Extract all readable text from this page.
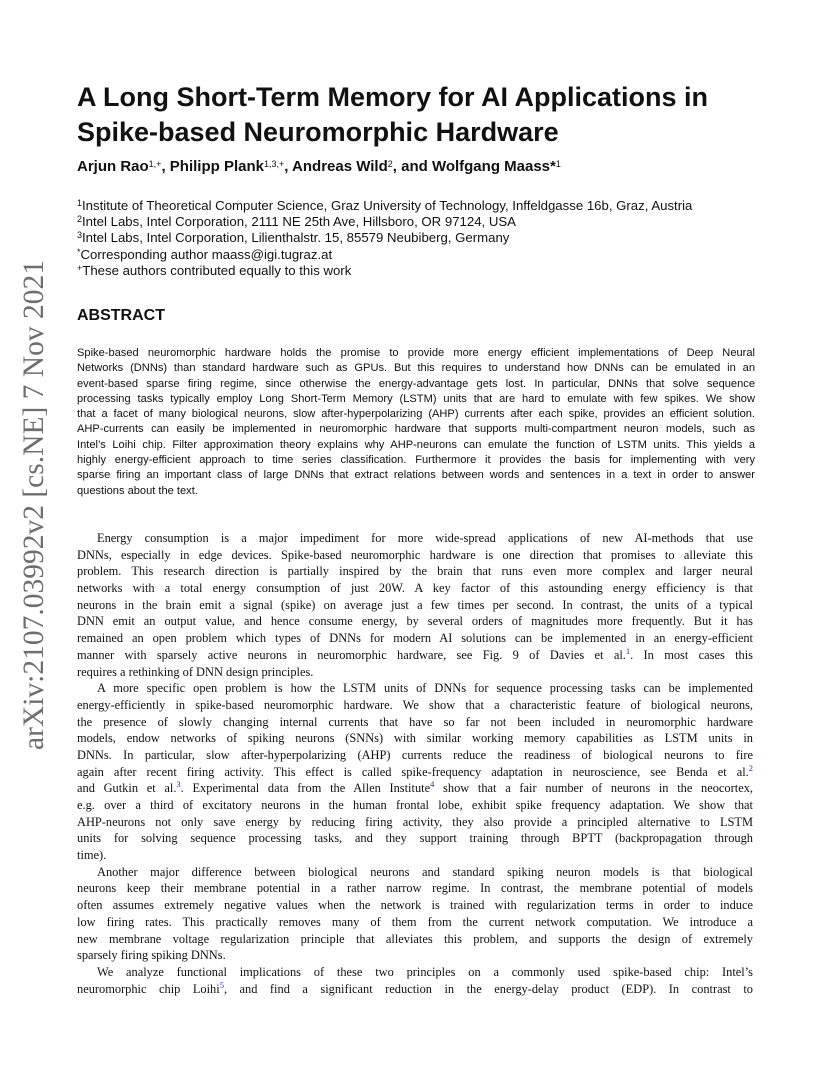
arXiv:2107.03992v2 [cs.NE] 7 Nov 2021
A Long Short-Term Memory for AI Applications in
Spike-based Neuromorphic Hardware
Arjun Rao$^{1,+}$, Philipp Plank$^{1,3,+}$, Andreas Wild$^2$, and Wolfgang Maass*$^1$
$^1$Institute of Theoretical Computer Science, Graz University of Technology, Inffeldgasse 16b, Graz, Austria
$^2$Intel Labs, Intel Corporation, 2111 NE 25th Ave, Hillsboro, OR 97124, USA
$^3$Intel Labs, Intel Corporation, Lilienthalstr. 15, 85579 Neubiberg, Germany
*Corresponding author maass@igi.tugraz.at
+These authors contributed equally to this work
ABSTRACT
Spike-based neuromorphic hardware holds the promise to provide more energy efficient implementations of Deep Neural
Networks (DNNs) than standard hardware such as GPUs. But this requires to understand how DNNs can be emulated in an
event-based sparse firing regime, since otherwise the energy-advantage gets lost. In particular, DNNs that solve sequence
processing tasks typically employ Long Short-Term Memory (LSTM) units that are hard to emulate with few spikes. We show
that a facet of many biological neurons, slow after-hyperpolarizing (AHP) currents after each spike, provides an efficient solution.
AHP-currents can easily be implemented in neuromorphic hardware that supports multi-compartment neuron models, such as
Intel’s Loihi chip. Filter approximation theory explains why AHP-neurons can emulate the function of LSTM units. This yields a
highly energy-efficient approach to time series classification. Furthermore it provides the basis for implementing with very
sparse firing an important class of large DNNs that extract relations between words and sentences in a text in order to answer
questions about the text.
Energy consumption is a major impediment for more wide-spread applications of new AI-methods that use
DNNs, especially in edge devices. Spike-based neuromorphic hardware is one direction that promises to alleviate this
problem. This research direction is partially inspired by the brain that runs even more complex and larger neural
networks with a total energy consumption of just 20W. A key factor of this astounding energy efficiency is that
neurons in the brain emit a signal (spike) on average just a few times per second. In contrast, the units of a typical
DNN emit an output value, and hence consume energy, by several orders of magnitudes more frequently. But it has
remained an open problem which types of DNNs for modern AI solutions can be implemented in an energy-efficient
manner with sparsely active neurons in neuromorphic hardware, see Fig. 9 of Davies et al.$^1$. In most cases this
requires a rethinking of DNN design principles.
A more specific open problem is how the LSTM units of DNNs for sequence processing tasks can be implemented
energy-efficiently in spike-based neuromorphic hardware. We show that a characteristic feature of biological neurons,
the presence of slowly changing internal currents that have so far not been included in neuromorphic hardware
models, endow networks of spiking neurons (SNNs) with similar working memory capabilities as LSTM units in
DNNs. In particular, slow after-hyperpolarizing (AHP) currents reduce the readiness of biological neurons to fire
again after recent firing activity. This effect is called spike-frequency adaptation in neuroscience, see Benda et al.$^2$
and Gutkin et al.$^3$. Experimental data from the Allen Institute$^4$ show that a fair number of neurons in the neocortex,
e.g. over a third of excitatory neurons in the human frontal lobe, exhibit spike frequency adaptation. We show that
AHP-neurons not only save energy by reducing firing activity, they also provide a principled alternative to LSTM
units for solving sequence processing tasks, and they support training through BPTT (backpropagation through
time).
Another major difference between biological neurons and standard spiking neuron models is that biological
neurons keep their membrane potential in a rather narrow regime. In contrast, the membrane potential of models
often assumes extremely negative values when the network is trained with regularization terms in order to induce
low firing rates. This practically removes many of them from the current network computation. We introduce a
new membrane voltage regularization principle that alleviates this problem, and supports the design of extremely
sparsely firing spiking DNNs.
We analyze functional implications of these two principles on a commonly used spike-based chip: Intel’s
neuromorphic chip Loihi$^5$, and find a significant reduction in the energy-delay product (EDP). In contrast to
